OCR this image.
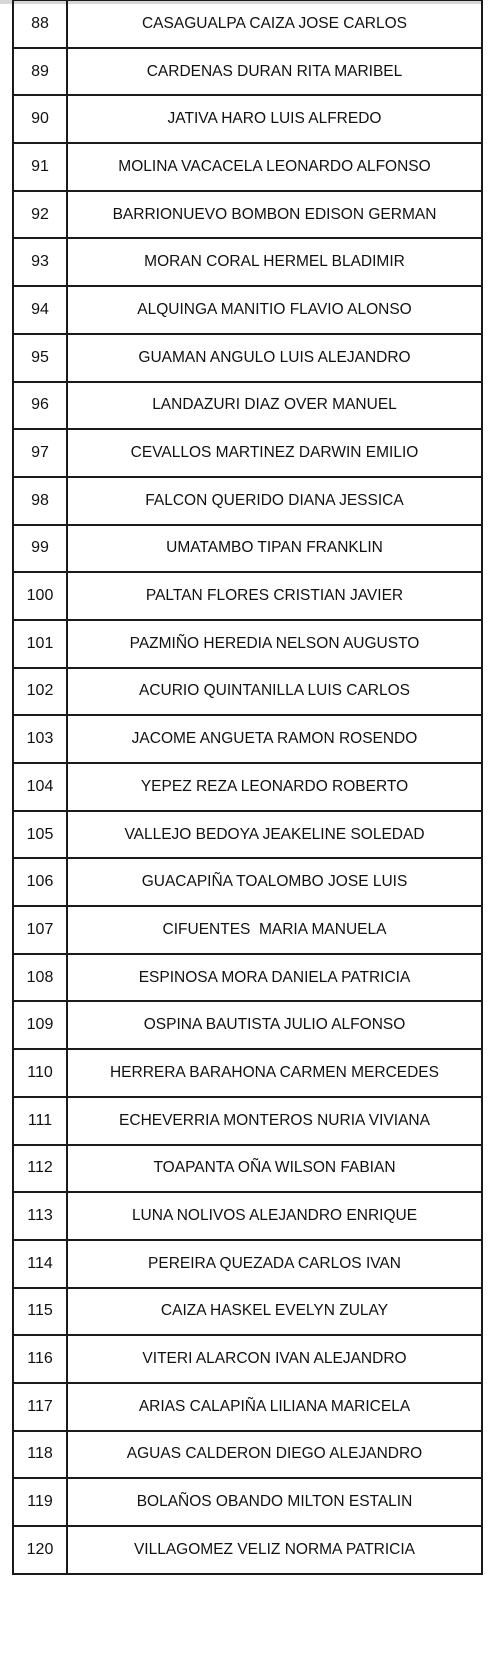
88	CASAGUALPA CAIZA JOSE CARLOS
89	CARDENAS DURAN RITA MARIBEL
90	JATIVA HARO LUIS ALFREDO
91	MOLINA VACACELA LEONARDO ALFONSO
92	BARRIONUEVO BOMBON EDISON GERMAN
93	MORAN CORAL HERMEL BLADIMIR
94	ALQUINGA MANITIO FLAVIO ALONSO
95	GUAMAN ANGULO LUIS ALEJANDRO
96	LANDAZURI DIAZ OVER MANUEL
97	CEVALLOS MARTINEZ DARWIN EMILIO
98	FALCON QUERIDO DIANA JESSICA
99	UMATAMBO TIPAN FRANKLIN
100	PALTAN FLORES CRISTIAN JAVIER
101	PAZMIÑO HEREDIA NELSON AUGUSTO
102	ACURIO QUINTANILLA LUIS CARLOS
103	JACOME ANGUETA RAMON ROSENDO
104	YEPEZ REZA LEONARDO ROBERTO
105	VALLEJO BEDOYA JEAKELINE SOLEDAD
106	GUACAPIÑA TOALOMBO JOSE LUIS
107	CIFUENTES  MARIA MANUELA
108	ESPINOSA MORA DANIELA PATRICIA
109	OSPINA BAUTISTA JULIO ALFONSO
110	HERRERA BARAHONA CARMEN MERCEDES
111	ECHEVERRIA MONTEROS NURIA VIVIANA
112	TOAPANTA OÑA WILSON FABIAN
113	LUNA NOLIVOS ALEJANDRO ENRIQUE
114	PEREIRA QUEZADA CARLOS IVAN
115	CAIZA HASKEL EVELYN ZULAY
116	VITERI ALARCON IVAN ALEJANDRO
117	ARIAS CALAPIÑA LILIANA MARICELA
118	AGUAS CALDERON DIEGO ALEJANDRO
119	BOLAÑOS OBANDO MILTON ESTALIN
120	VILLAGOMEZ VELIZ NORMA PATRICIA
